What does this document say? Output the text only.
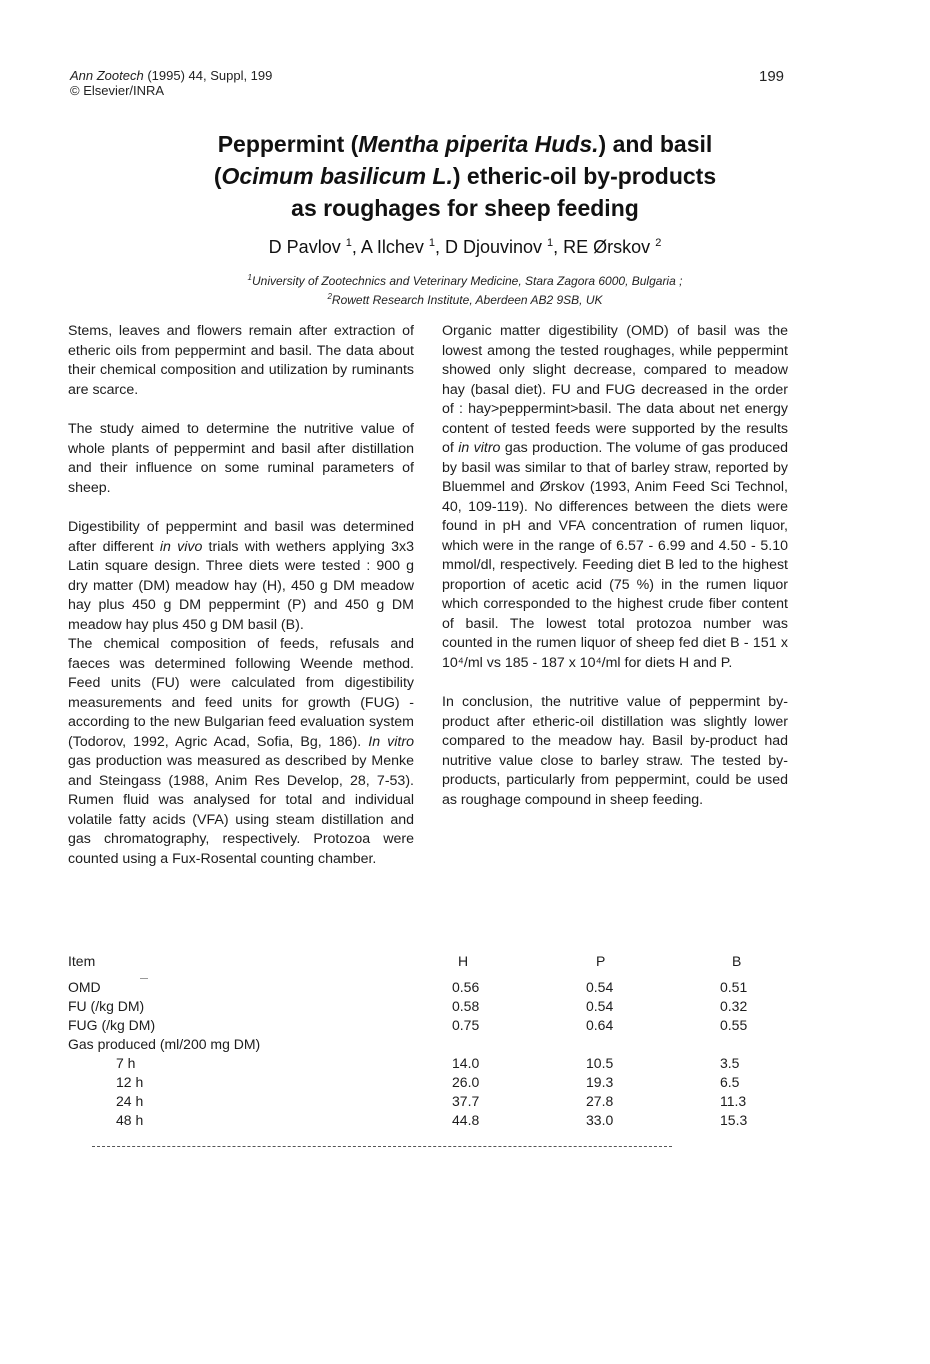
Ann Zootech (1995) 44, Suppl, 199
© Elsevier/INRA
199
Peppermint (Mentha piperita Huds.) and basil
(Ocimum basilicum L.) etheric-oil by-products
as roughages for sheep feeding
D Pavlov $^1$, A Ilchev $^1$, D Djouvinov $^1$, RE Ørskov $^2$
$^1$University of Zootechnics and Veterinary Medicine, Stara Zagora 6000, Bulgaria ;
$^2$Rowett Research Institute, Aberdeen AB2 9SB, UK

Stems, leaves and flowers remain after extraction of etheric oils from peppermint and basil. The data about their chemical composition and utilization by ruminants are scarce.

The study aimed to determine the nutritive value of whole plants of peppermint and basil after distillation and their influence on some ruminal parameters of sheep.

Digestibility of peppermint and basil was determined after different in vivo trials with wethers applying 3x3 Latin square design. Three diets were tested : 900 g dry matter (DM) meadow hay (H), 450 g DM meadow hay plus 450 g DM peppermint (P) and 450 g DM meadow hay plus 450 g DM basil (B).

The chemical composition of feeds, refusals and faeces was determined following Weende method. Feed units (FU) were calculated from digestibility measurements and feed units for growth (FUG) - according to the new Bulgarian feed evaluation system (Todorov, 1992, Agric Acad, Sofia, Bg, 186). In vitro gas production was measured as described by Menke and Steingass (1988, Anim Res Develop, 28, 7-53). Rumen fluid was analysed for total and individual volatile fatty acids (VFA) using steam distillation and gas chromatography, respectively. Protozoa were counted using a Fux-Rosental counting chamber.

Organic matter digestibility (OMD) of basil was the lowest among the tested roughages, while peppermint showed only slight decrease, compared to meadow hay (basal diet). FU and FUG decreased in the order of : hay>peppermint>basil. The data about net energy content of tested feeds were supported by the results of in vitro gas production. The volume of gas produced by basil was similar to that of barley straw, reported by Bluemmel and Ørskov (1993, Anim Feed Sci Technol, 40, 109-119). No differences between the diets were found in pH and VFA concentration of rumen liquor, which were in the range of 6.57 - 6.99 and 4.50 - 5.10 mmol/dl, respectively. Feeding diet B led to the highest proportion of acetic acid (75 %) in the rumen liquor which corresponded to the highest crude fiber content of basil. The lowest total protozoa number was counted in the rumen liquor of sheep fed diet B - 151 x 10⁴/ml vs 185 - 187 x 10⁴/ml for diets H and P.

In conclusion, the nutritive value of peppermint by-product after etheric-oil distillation was slightly lower compared to the meadow hay. Basil by-product had nutritive value close to barley straw. The tested by-products, particularly from peppermint, could be used as roughage compound in sheep feeding.

Item	H	P	B
OMD	0.56	0.54	0.51
FU (/kg DM)	0.58	0.54	0.32
FUG (/kg DM)	0.75	0.64	0.55
Gas produced (ml/200 mg DM)
7 h	14.0	10.5	3.5
12 h	26.0	19.3	6.5
24 h	37.7	27.8	11.3
48 h	44.8	33.0	15.3
